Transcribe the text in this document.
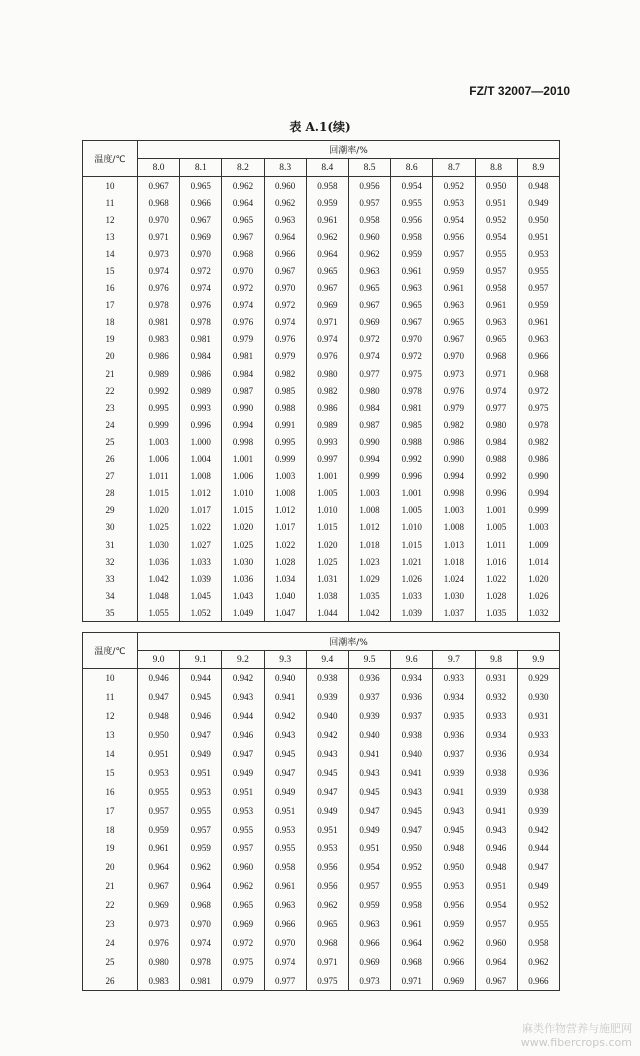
FZ/T 32007—2010
表 A.1(续)
温度/℃	回潮率/%									
	8.0	8.1	8.2	8.3	8.4	8.5	8.6	8.7	8.8	8.9
10	0.967	0.965	0.962	0.960	0.958	0.956	0.954	0.952	0.950	0.948
11	0.968	0.966	0.964	0.962	0.959	0.957	0.955	0.953	0.951	0.949
12	0.970	0.967	0.965	0.963	0.961	0.958	0.956	0.954	0.952	0.950
13	0.971	0.969	0.967	0.964	0.962	0.960	0.958	0.956	0.954	0.951
14	0.973	0.970	0.968	0.966	0.964	0.962	0.959	0.957	0.955	0.953
15	0.974	0.972	0.970	0.967	0.965	0.963	0.961	0.959	0.957	0.955
16	0.976	0.974	0.972	0.970	0.967	0.965	0.963	0.961	0.958	0.957
17	0.978	0.976	0.974	0.972	0.969	0.967	0.965	0.963	0.961	0.959
18	0.981	0.978	0.976	0.974	0.971	0.969	0.967	0.965	0.963	0.961
19	0.983	0.981	0.979	0.976	0.974	0.972	0.970	0.967	0.965	0.963
20	0.986	0.984	0.981	0.979	0.976	0.974	0.972	0.970	0.968	0.966
21	0.989	0.986	0.984	0.982	0.980	0.977	0.975	0.973	0.971	0.968
22	0.992	0.989	0.987	0.985	0.982	0.980	0.978	0.976	0.974	0.972
23	0.995	0.993	0.990	0.988	0.986	0.984	0.981	0.979	0.977	0.975
24	0.999	0.996	0.994	0.991	0.989	0.987	0.985	0.982	0.980	0.978
25	1.003	1.000	0.998	0.995	0.993	0.990	0.988	0.986	0.984	0.982
26	1.006	1.004	1.001	0.999	0.997	0.994	0.992	0.990	0.988	0.986
27	1.011	1.008	1.006	1.003	1.001	0.999	0.996	0.994	0.992	0.990
28	1.015	1.012	1.010	1.008	1.005	1.003	1.001	0.998	0.996	0.994
29	1.020	1.017	1.015	1.012	1.010	1.008	1.005	1.003	1.001	0.999
30	1.025	1.022	1.020	1.017	1.015	1.012	1.010	1.008	1.005	1.003
31	1.030	1.027	1.025	1.022	1.020	1.018	1.015	1.013	1.011	1.009
32	1.036	1.033	1.030	1.028	1.025	1.023	1.021	1.018	1.016	1.014
33	1.042	1.039	1.036	1.034	1.031	1.029	1.026	1.024	1.022	1.020
34	1.048	1.045	1.043	1.040	1.038	1.035	1.033	1.030	1.028	1.026
35	1.055	1.052	1.049	1.047	1.044	1.042	1.039	1.037	1.035	1.032
温度/℃	回潮率/%									
	9.0	9.1	9.2	9.3	9.4	9.5	9.6	9.7	9.8	9.9
10	0.946	0.944	0.942	0.940	0.938	0.936	0.934	0.933	0.931	0.929
11	0.947	0.945	0.943	0.941	0.939	0.937	0.936	0.934	0.932	0.930
12	0.948	0.946	0.944	0.942	0.940	0.939	0.937	0.935	0.933	0.931
13	0.950	0.947	0.946	0.943	0.942	0.940	0.938	0.936	0.934	0.933
14	0.951	0.949	0.947	0.945	0.943	0.941	0.940	0.937	0.936	0.934
15	0.953	0.951	0.949	0.947	0.945	0.943	0.941	0.939	0.938	0.936
16	0.955	0.953	0.951	0.949	0.947	0.945	0.943	0.941	0.939	0.938
17	0.957	0.955	0.953	0.951	0.949	0.947	0.945	0.943	0.941	0.939
18	0.959	0.957	0.955	0.953	0.951	0.949	0.947	0.945	0.943	0.942
19	0.961	0.959	0.957	0.955	0.953	0.951	0.950	0.948	0.946	0.944
20	0.964	0.962	0.960	0.958	0.956	0.954	0.952	0.950	0.948	0.947
21	0.967	0.964	0.962	0.961	0.956	0.957	0.955	0.953	0.951	0.949
22	0.969	0.968	0.965	0.963	0.962	0.959	0.958	0.956	0.954	0.952
23	0.973	0.970	0.969	0.966	0.965	0.963	0.961	0.959	0.957	0.955
24	0.976	0.974	0.972	0.970	0.968	0.966	0.964	0.962	0.960	0.958
25	0.980	0.978	0.975	0.974	0.971	0.969	0.968	0.966	0.964	0.962
26	0.983	0.981	0.979	0.977	0.975	0.973	0.971	0.969	0.967	0.966
麻类作物营养与施肥网
www.fibercrops.com
